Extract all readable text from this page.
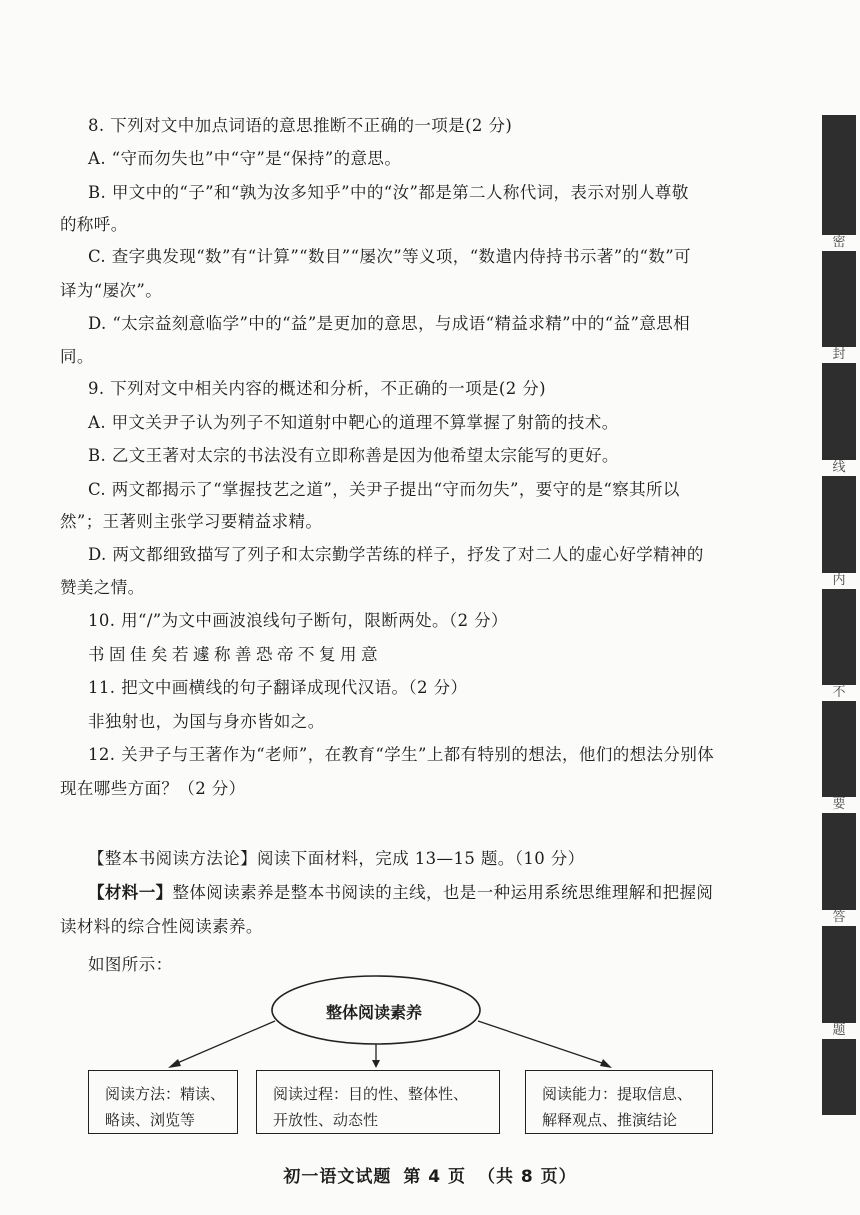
8. 下列对文中加点词语的意思推断不正确的一项是(2 分)
A. “守而勿失也”中“守”是“保持”的意思。
B. 甲文中的“子”和“孰为汝多知乎”中的“汝”都是第二人称代词，表示对别人尊敬
的称呼。
C. 查字典发现“数”有“计算”“数目”“屡次”等义项，“数遣内侍持书示著”的“数”可
译为“屡次”。
D. “太宗益刻意临学”中的“益”是更加的意思，与成语“精益求精”中的“益”意思相
同。
9. 下列对文中相关内容的概述和分析，不正确的一项是(2 分)
A. 甲文关尹子认为列子不知道射中靶心的道理不算掌握了射箭的技术。
B. 乙文王著对太宗的书法没有立即称善是因为他希望太宗能写的更好。
C. 两文都揭示了“掌握技艺之道”，关尹子提出“守而勿失”，要守的是“察其所以
然”；王著则主张学习要精益求精。
D. 两文都细致描写了列子和太宗勤学苦练的样子，抒发了对二人的虚心好学精神的
赞美之情。
10. 用“/”为文中画波浪线句子断句，限断两处。（2 分）
书固佳矣若遽称善恐帝不复用意
11. 把文中画横线的句子翻译成现代汉语。（2 分）
非独射也，为国与身亦皆如之。
12. 关尹子与王著作为“老师”，在教育“学生”上都有特别的想法，他们的想法分别体
现在哪些方面？（2 分）
【整本书阅读方法论】阅读下面材料，完成 13—15 题。（10 分）
【材料一】整体阅读素养是整本书阅读的主线，也是一种运用系统思维理解和把握阅
读材料的综合性阅读素养。
如图所示：
整体阅读素养
阅读方法：精读、
略读、浏览等
阅读过程：目的性、整体性、
开放性、动态性
阅读能力：提取信息、
解释观点、推演结论
初一语文试题 第 4 页 （共 8 页）
密
封
线
内
不
要
答
题
